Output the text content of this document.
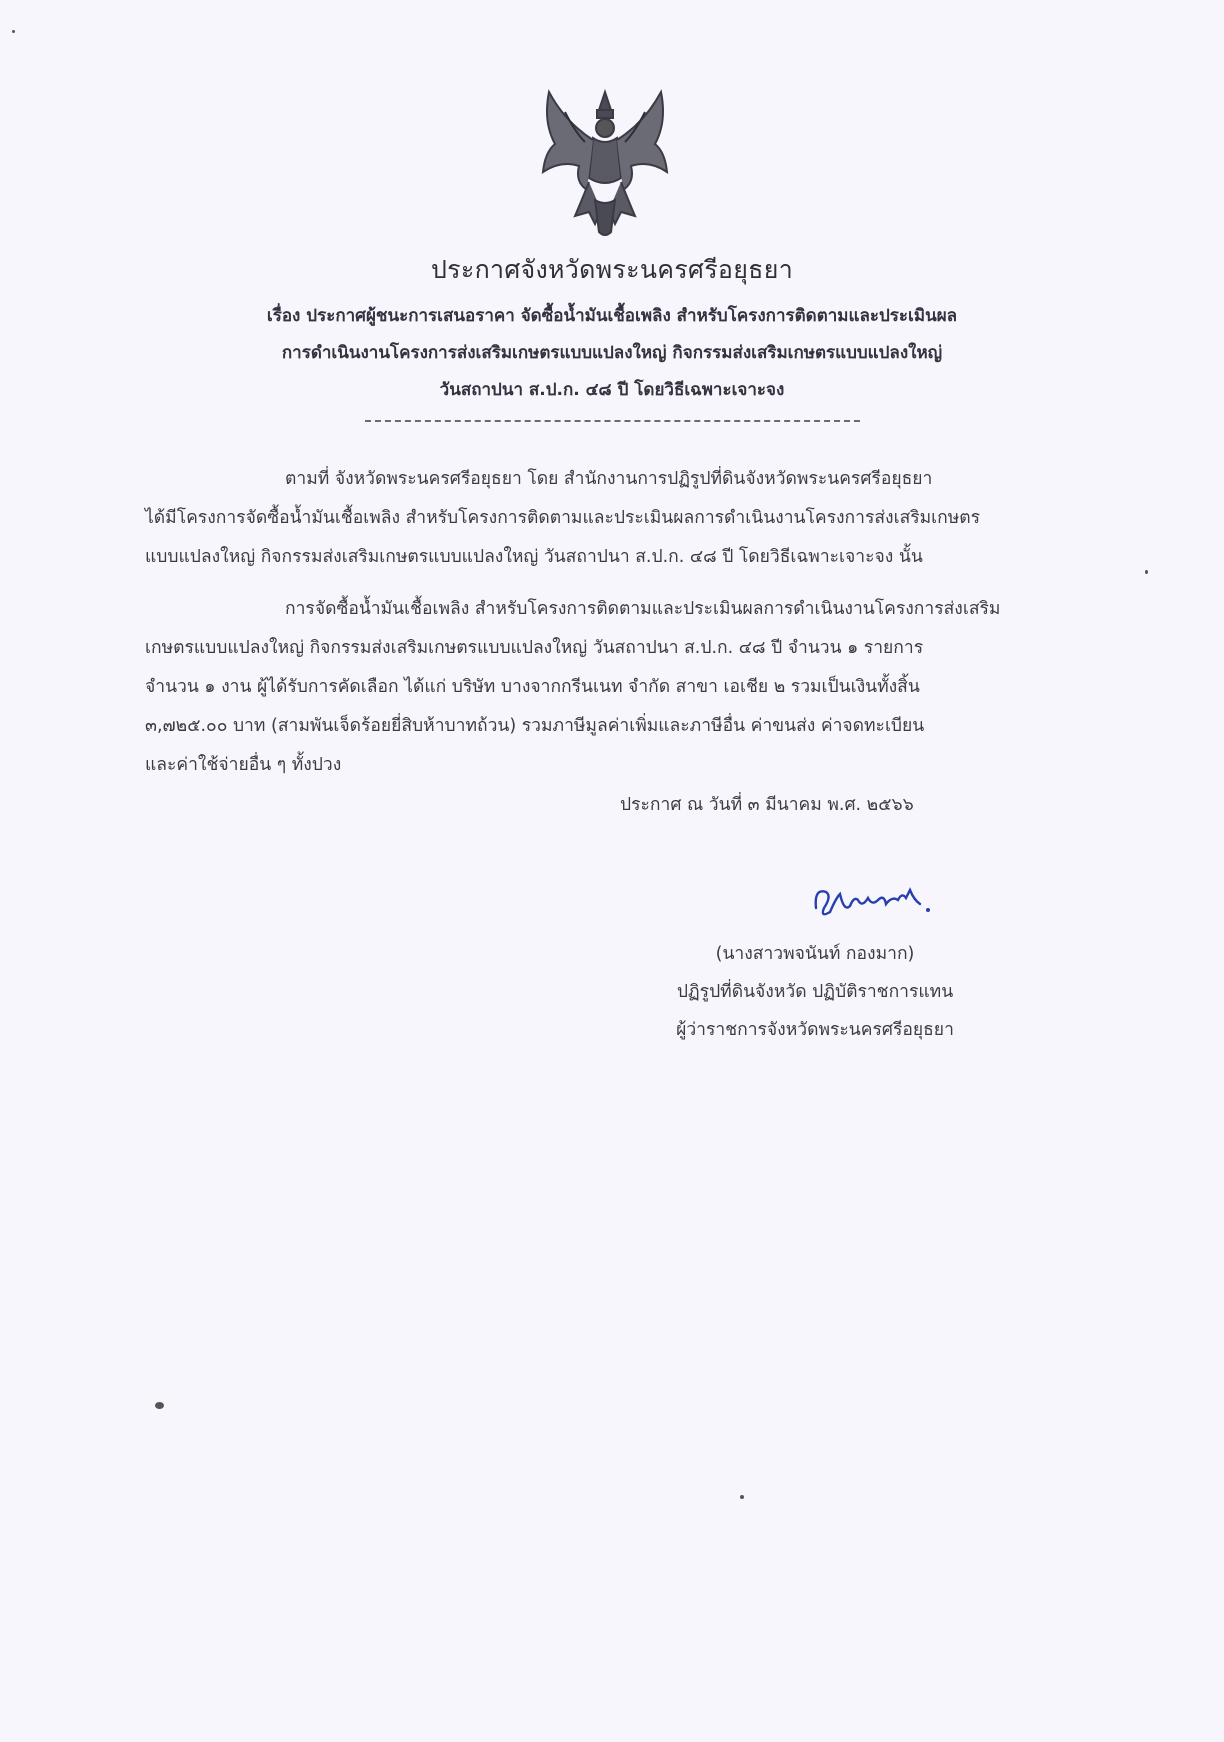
ประกาศจังหวัดพระนครศรีอยุธยา

เรื่อง ประกาศผู้ชนะการเสนอราคา จัดซื้อน้ำมันเชื้อเพลิง สำหรับโครงการติดตามและประเมินผล

การดำเนินงานโครงการส่งเสริมเกษตรแบบแปลงใหญ่ กิจกรรมส่งเสริมเกษตรแบบแปลงใหญ่

วันสถาปนา ส.ป.ก. ๔๘ ปี โดยวิธีเฉพาะเจาะจง

ตามที่ จังหวัดพระนครศรีอยุธยา โดย สำนักงานการปฏิรูปที่ดินจังหวัดพระนครศรีอยุธยา
ได้มีโครงการจัดซื้อน้ำมันเชื้อเพลิง สำหรับโครงการติดตามและประเมินผลการดำเนินงานโครงการส่งเสริมเกษตร
แบบแปลงใหญ่ กิจกรรมส่งเสริมเกษตรแบบแปลงใหญ่ วันสถาปนา ส.ป.ก. ๔๘ ปี โดยวิธีเฉพาะเจาะจง นั้น
การจัดซื้อน้ำมันเชื้อเพลิง สำหรับโครงการติดตามและประเมินผลการดำเนินงานโครงการส่งเสริม
เกษตรแบบแปลงใหญ่ กิจกรรมส่งเสริมเกษตรแบบแปลงใหญ่ วันสถาปนา ส.ป.ก. ๔๘ ปี จำนวน ๑ รายการ
จำนวน ๑ งาน ผู้ได้รับการคัดเลือก ได้แก่ บริษัท บางจากกรีนเนท จำกัด สาขา เอเชีย ๒ รวมเป็นเงินทั้งสิ้น
๓,๗๒๕.๐๐ บาท (สามพันเจ็ดร้อยยี่สิบห้าบาทถ้วน) รวมภาษีมูลค่าเพิ่มและภาษีอื่น ค่าขนส่ง ค่าจดทะเบียน
และค่าใช้จ่ายอื่น ๆ ทั้งปวง
ประกาศ ณ วันที่ ๓ มีนาคม พ.ศ. ๒๕๖๖
(นางสาวพจนันท์ กองมาก)
ปฏิรูปที่ดินจังหวัด ปฏิบัติราชการแทน
ผู้ว่าราชการจังหวัดพระนครศรีอยุธยา
